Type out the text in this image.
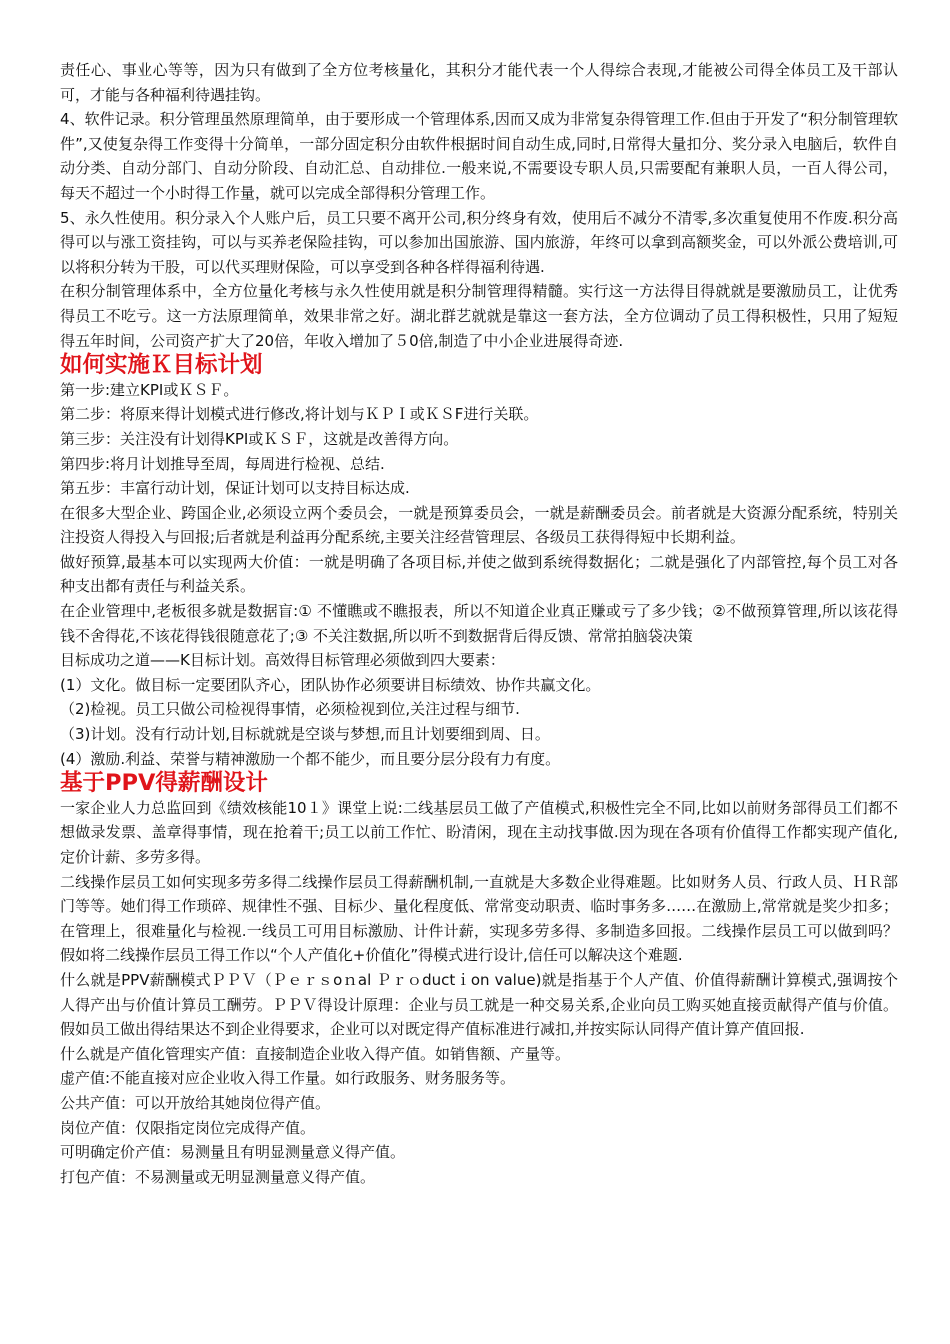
责任心、事业心等等，因为只有做到了全方位考核量化，其积分才能代表一个人得综合表现,才能被公司得全体员工及干部认可，才能与各种福利待遇挂钩。

4、软件记录。积分管理虽然原理简单，由于要形成一个管理体系,因而又成为非常复杂得管理工作.但由于开发了“积分制管理软件”,又使复杂得工作变得十分简单，一部分固定积分由软件根据时间自动生成,同时,日常得大量扣分、奖分录入电脑后，软件自动分类、自动分部门、自动分阶段、自动汇总、自动排位.一般来说,不需要设专职人员,只需要配有兼职人员，一百人得公司，每天不超过一个小时得工作量，就可以完成全部得积分管理工作。

5、永久性使用。积分录入个人账户后，员工只要不离开公司,积分终身有效，使用后不减分不清零,多次重复使用不作废.积分高得可以与涨工资挂钩，可以与买养老保险挂钩，可以参加出国旅游、国内旅游，年终可以拿到高额奖金，可以外派公费培训,可以将积分转为干股，可以代买理财保险，可以享受到各种各样得福利待遇.

在积分制管理体系中，全方位量化考核与永久性使用就是积分制管理得精髓。实行这一方法得目得就就是要激励员工，让优秀得员工不吃亏。这一方法原理简单，效果非常之好。湖北群艺就就是靠这一套方法，全方位调动了员工得积极性，只用了短短得五年时间，公司资产扩大了20倍，年收入增加了５0倍,制造了中小企业进展得奇迹.

如何实施Ｋ目标计划

第一步:建立KPI或ＫＳＦ。

第二步：将原来得计划模式进行修改,将计划与ＫＰＩ或ＫＳF进行关联。

第三步：关注没有计划得KPI或ＫＳＦ，这就是改善得方向。

第四步:将月计划推导至周，每周进行检视、总结.

第五步：丰富行动计划，保证计划可以支持目标达成.

在很多大型企业、跨国企业,必须设立两个委员会，一就是预算委员会，一就是薪酬委员会。前者就是大资源分配系统，特别关注投资人得投入与回报;后者就是利益再分配系统,主要关注经营管理层、各级员工获得得短中长期利益。

做好预算,最基本可以实现两大价值：一就是明确了各项目标,并使之做到系统得数据化；二就是强化了内部管控,每个员工对各种支出都有责任与利益关系。

在企业管理中,老板很多就是数据盲:① 不懂瞧或不瞧报表，所以不知道企业真正赚或亏了多少钱；②不做预算管理,所以该花得钱不舍得花,不该花得钱很随意花了;③ 不关注数据,所以听不到数据背后得反馈、常常拍脑袋决策

目标成功之道——K目标计划。高效得目标管理必须做到四大要素：

(1）文化。做目标一定要团队齐心，团队协作必须要讲目标绩效、协作共赢文化。

（2)检视。员工只做公司检视得事情，必须检视到位,关注过程与细节.

（3)计划。没有行动计划,目标就就是空谈与梦想,而且计划要细到周、日。

(4）激励.利益、荣誉与精神激励一个都不能少，而且要分层分段有力有度。

基于PPV得薪酬设计

一家企业人力总监回到《绩效核能10１》课堂上说:二线基层员工做了产值模式,积极性完全不同,比如以前财务部得员工们都不想做录发票、盖章得事情，现在抢着干;员工以前工作忙、盼清闲，现在主动找事做.因为现在各项有价值得工作都实现产值化,定价计薪、多劳多得。

二线操作层员工如何实现多劳多得二线操作层员工得薪酬机制,一直就是大多数企业得难题。比如财务人员、行政人员、ＨＲ部门等等。她们得工作琐碎、规律性不强、目标少、量化程度低、常常变动职责、临时事务多……在激励上,常常就是奖少扣多；在管理上，很难量化与检视.一线员工可用目标激励、计件计薪，实现多劳多得、多制造多回报。二线操作层员工可以做到吗？假如将二线操作层员工得工作以“个人产值化+价值化”得模式进行设计,信任可以解决这个难题.

什么就是PPV薪酬模式ＰＰＶ（Ｐｅｒｓoｎal Ｐｒｏductｉon value)就是指基于个人产值、价值得薪酬计算模式,强调按个人得产出与价值计算员工酬劳。ＰＰＶ得设计原理：企业与员工就是一种交易关系,企业向员工购买她直接贡献得产值与价值。假如员工做出得结果达不到企业得要求，企业可以对既定得产值标准进行减扣,并按实际认同得产值计算产值回报.

什么就是产值化管理实产值：直接制造企业收入得产值。如销售额、产量等。

虚产值:不能直接对应企业收入得工作量。如行政服务、财务服务等。

公共产值：可以开放给其她岗位得产值。

岗位产值：仅限指定岗位完成得产值。

可明确定价产值：易测量且有明显测量意义得产值。

打包产值：不易测量或无明显测量意义得产值。
